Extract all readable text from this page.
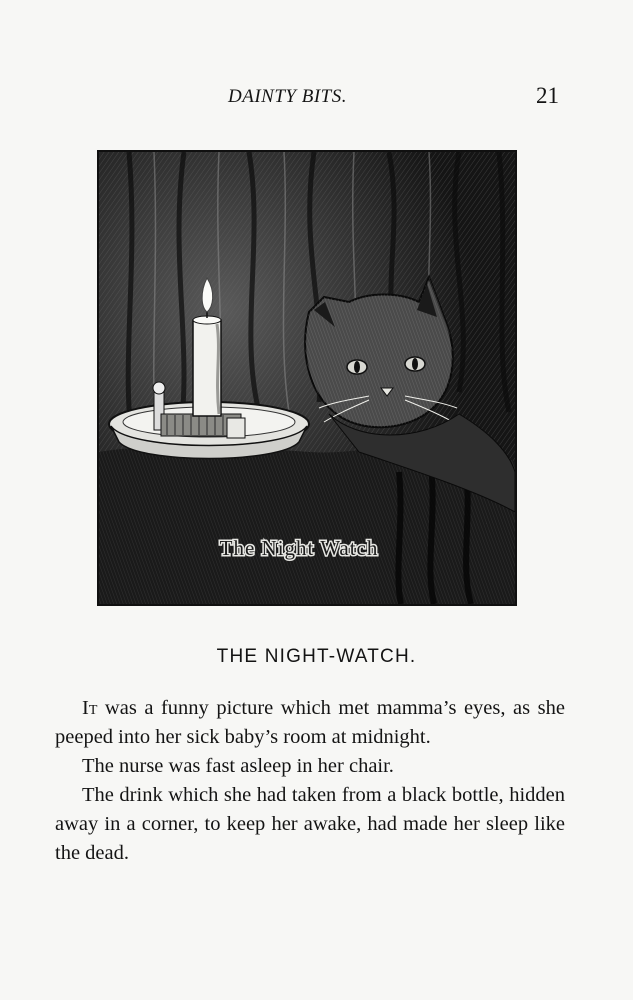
DAINTY BITS.	21
The Night Watch
THE NIGHT-WATCH.

It was a funny picture which met mamma’s eyes, as she peeped into her sick baby’s room at midnight.

The nurse was fast asleep in her chair.

The drink which she had taken from a black bottle, hidden away in a corner, to keep her awake, had made her sleep like the dead.
